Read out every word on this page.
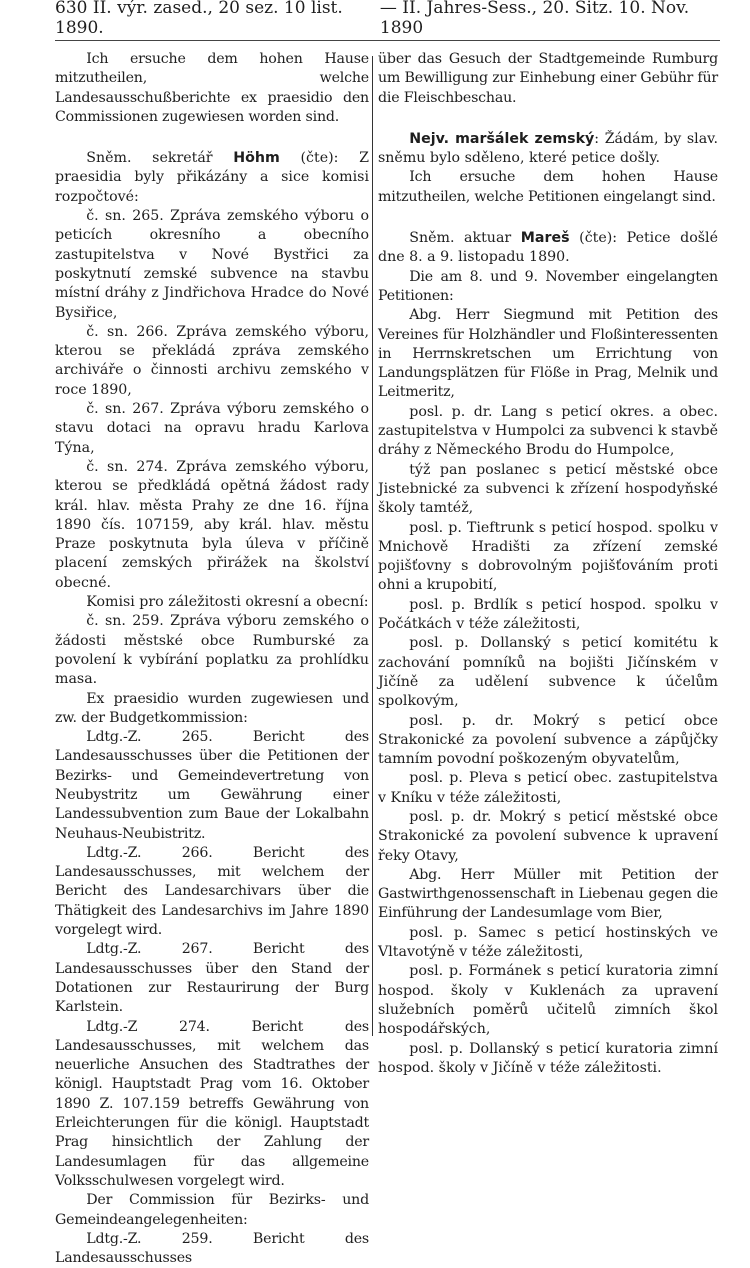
630 II. výr. zased., 20 sez. 10 list. 1890.
— II. Jahres-Sess., 20. Sitz. 10. Nov. 1890

Ich ersuche dem hohen Hause mitzutheilen, welche Landesausschußberichte ex praesidio den Commissionen zugewiesen worden sind.

Sněm. sekretář Höhm (čte): Z praesidia byly přikázány a sice komisi rozpočtové:

č. sn. 265. Zpráva zemského výboru o peticích okresního a obecního zastupitelstva v Nové Bystřici za poskytnutí zemské subvence na stavbu místní dráhy z Jindřichova Hradce do Nové Bysiřice,

č. sn. 266. Zpráva zemského výboru, kterou se překládá zpráva zemského archiváře o činnosti archivu zemského v roce 1890,

č. sn. 267. Zpráva výboru zemského o stavu dotaci na opravu hradu Karlova Týna,

č. sn. 274. Zpráva zemského výboru, kterou se předkládá opětná žádost rady král. hlav. města Prahy ze dne 16. října 1890 čís. 107159, aby král. hlav. městu Praze poskytnuta byla úleva v příčině placení zemských přirážek na školství obecné.

Komisi pro záležitosti okresní a obecní:

č. sn. 259. Zpráva výboru zemského o žádosti městské obce Rumburské za povolení k vybírání poplatku za prohlídku masa.

Ex praesidio wurden zugewiesen und zw. der Budgetkommission:

Ldtg.-Z. 265. Bericht des Landesausschusses über die Petitionen der Bezirks- und Gemeindevertretung von Neubystritz um Gewährung einer Landessubvention zum Baue der Lokalbahn Neuhaus-Neubistritz.

Ldtg.-Z. 266. Bericht des Landesausschusses, mit welchem der Bericht des Landesarchivars über die Thätigkeit des Landesarchivs im Jahre 1890 vorgelegt wird.

Ldtg.-Z. 267. Bericht des Landesausschusses über den Stand der Dotationen zur Restaurirung der Burg Karlstein.

Ldtg.-Z 274. Bericht des Landesausschusses, mit welchem das neuerliche Ansuchen des Stadtrathes der königl. Hauptstadt Prag vom 16. Oktober 1890 Z. 107.159 betreffs Gewährung von Erleichterungen für die königl. Hauptstadt Prag hinsichtlich der Zahlung der Landesumlagen für das allgemeine Volksschulwesen vorgelegt wird.

Der Commission für Bezirks- und Gemeindeangelegenheiten:

Ldtg.-Z. 259. Bericht des Landesausschusses

über das Gesuch der Stadtgemeinde Rumburg um Bewilligung zur Einhebung einer Gebühr für die Fleischbeschau.

Nejv. maršálek zemský: Žádám, by slav. sněmu bylo sděleno, které petice došly.

Ich ersuche dem hohen Hause mitzutheilen, welche Petitionen eingelangt sind.

Sněm. aktuar Mareš (čte): Petice došlé dne 8. a 9. listopadu 1890.

Die am 8. und 9. November eingelangten Petitionen:

Abg. Herr Siegmund mit Petition des Vereines für Holzhändler und Floßinteressenten in Herrnskretschen um Errichtung von Landungsplätzen für Flöße in Prag, Melnik und Leitmeritz,

posl. p. dr. Lang s peticí okres. a obec. zastupitelstva v Humpolci za subvenci k stavbě dráhy z Německého Brodu do Humpolce,

týž pan poslanec s peticí městské obce Jistebnické za subvenci k zřízení hospodyňské školy tamtéž,

posl. p. Tieftrunk s peticí hospod. spolku v Mnichově Hradišti za zřízení zemské pojišťovny s dobrovolným pojišťováním proti ohni a krupobití,

posl. p. Brdlík s peticí hospod. spolku v Počátkách v téže záležitosti,

posl. p. Dollanský s peticí komitétu k zachování pomníků na bojišti Jičínském v Jičíně za udělení subvence k účelům spolkovým,

posl. p. dr. Mokrý s peticí obce Strakonické za povolení subvence a zápůjčky tamním povodní poškozeným obyvatelům,

posl. p. Pleva s peticí obec. zastupitelstva v Kníku v téže záležitosti,

posl. p. dr. Mokrý s peticí městské obce Strakonické za povolení subvence k upravení řeky Otavy,

Abg. Herr Müller mit Petition der Gastwirthgenossenschaft in Liebenau gegen die Einführung der Landesumlage vom Bier,

posl. p. Samec s peticí hostinských ve Vltavotýně v téže záležitosti,

posl. p. Formánek s peticí kuratoria zimní hospod. školy v Kuklenách za upravení služebních poměrů učitelů zimních škol hospodářských,

posl. p. Dollanský s peticí kuratoria zimní hospod. školy v Jičíně v téže záležitosti.
